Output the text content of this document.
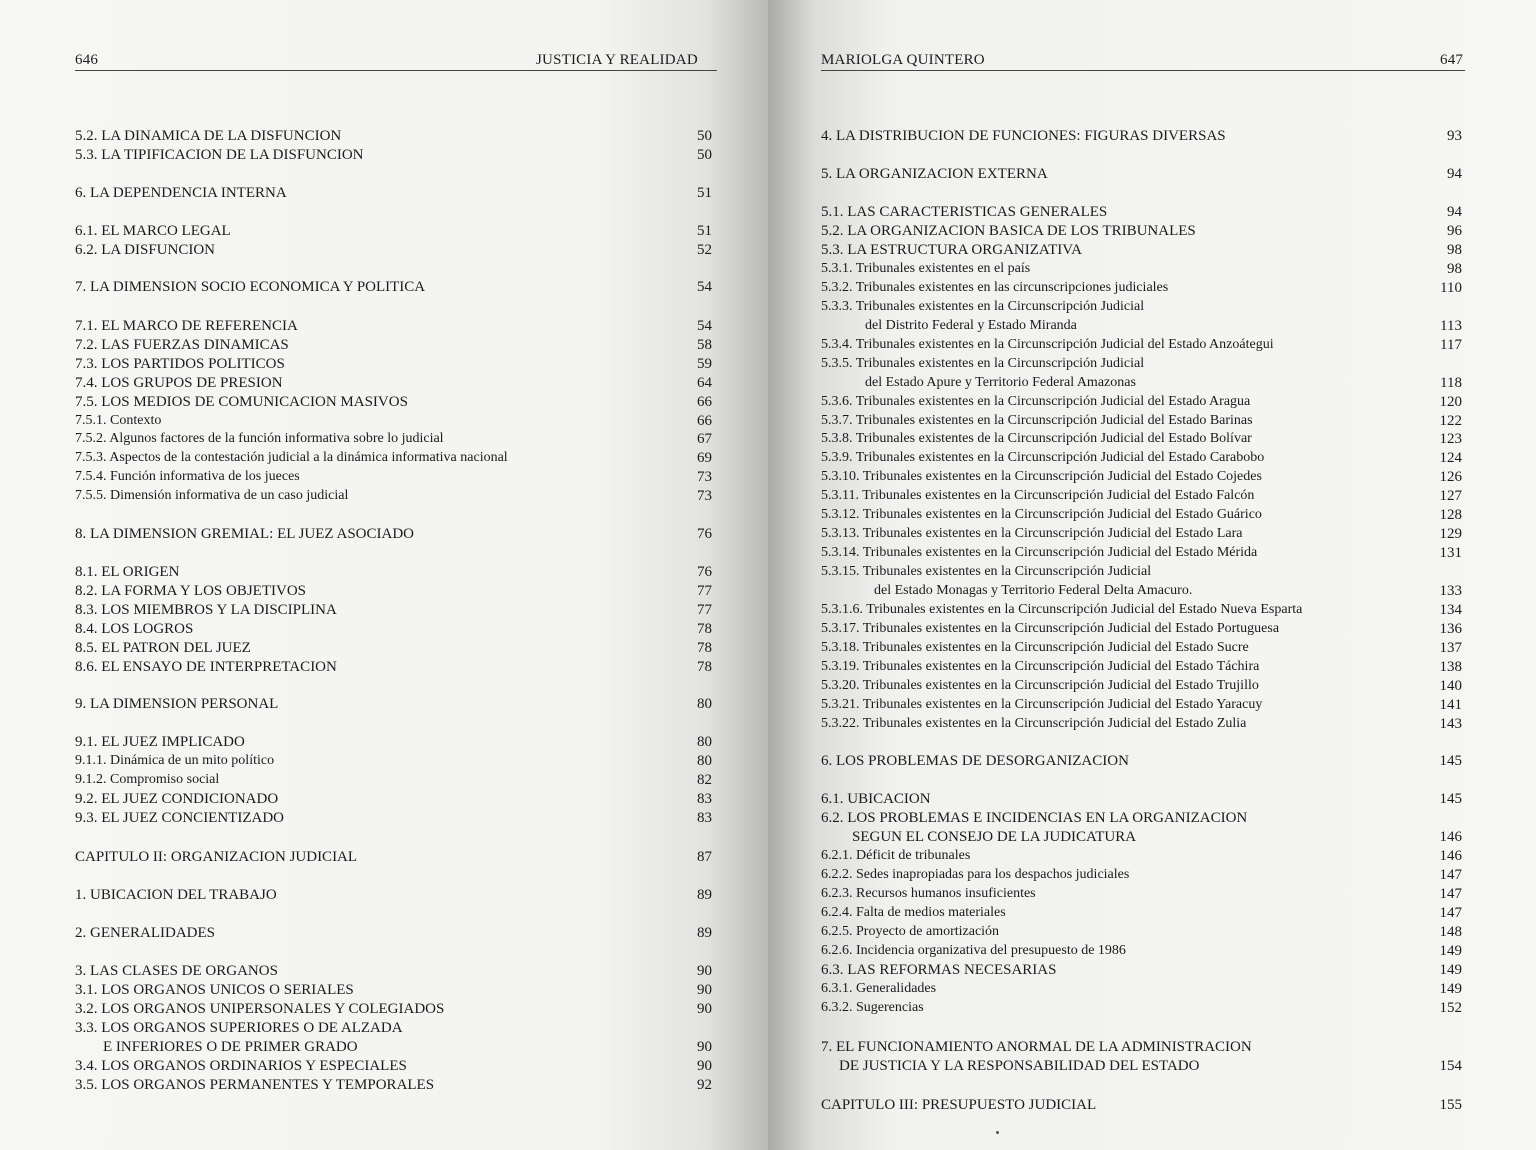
646	JUSTICIA Y REALIDAD
5.2. LA DINAMICA DE LA DISFUNCION	50
5.3. LA TIPIFICACION DE LA DISFUNCION	50
6. LA DEPENDENCIA INTERNA	51
6.1. EL MARCO LEGAL	51
6.2. LA DISFUNCION	52
7. LA DIMENSION SOCIO ECONOMICA Y POLITICA	54
7.1. EL MARCO DE REFERENCIA	54
7.2. LAS FUERZAS DINAMICAS	58
7.3. LOS PARTIDOS POLITICOS	59
7.4. LOS GRUPOS DE PRESION	64
7.5. LOS MEDIOS DE COMUNICACION MASIVOS	66
7.5.1. Contexto	66
7.5.2. Algunos factores de la función informativa sobre lo judicial	67
7.5.3. Aspectos de la contestación judicial a la dinámica informativa nacional	69
7.5.4. Función informativa de los jueces	73
7.5.5. Dimensión informativa de un caso judicial	73
8. LA DIMENSION GREMIAL: EL JUEZ ASOCIADO	76
8.1. EL ORIGEN	76
8.2. LA FORMA Y LOS OBJETIVOS	77
8.3. LOS MIEMBROS Y LA DISCIPLINA	77
8.4. LOS LOGROS	78
8.5. EL PATRON DEL JUEZ	78
8.6. EL ENSAYO DE INTERPRETACION	78
9. LA DIMENSION PERSONAL	80
9.1. EL JUEZ IMPLICADO	80
9.1.1. Dinámica de un mito político	80
9.1.2. Compromiso social	82
9.2. EL JUEZ CONDICIONADO	83
9.3. EL JUEZ CONCIENTIZADO	83
CAPITULO II: ORGANIZACION JUDICIAL	87
1. UBICACION DEL TRABAJO	89
2. GENERALIDADES	89
3. LAS CLASES DE ORGANOS	90
3.1. LOS ORGANOS UNICOS O SERIALES	90
3.2. LOS ORGANOS UNIPERSONALES Y COLEGIADOS	90
3.3. LOS ORGANOS SUPERIORES O DE ALZADA
E INFERIORES O DE PRIMER GRADO	90
3.4. LOS ORGANOS ORDINARIOS Y ESPECIALES	90
3.5. LOS ORGANOS PERMANENTES Y TEMPORALES	92
MARIOLGA QUINTERO	647
4. LA DISTRIBUCION DE FUNCIONES: FIGURAS DIVERSAS	93
5. LA ORGANIZACION EXTERNA	94
5.1. LAS CARACTERISTICAS GENERALES	94
5.2. LA ORGANIZACION BASICA DE LOS TRIBUNALES	96
5.3. LA ESTRUCTURA ORGANIZATIVA	98
5.3.1. Tribunales existentes en el país	98
5.3.2. Tribunales existentes en las circunscripciones judiciales	110
5.3.3. Tribunales existentes en la Circunscripción Judicial
del Distrito Federal y Estado Miranda	113
5.3.4. Tribunales existentes en la Circunscripción Judicial del Estado Anzoátegui	117
5.3.5. Tribunales existentes en la Circunscripción Judicial
del Estado Apure y Territorio Federal Amazonas	118
5.3.6. Tribunales existentes en la Circunscripción Judicial del Estado Aragua	120
5.3.7. Tribunales existentes en la Circunscripción Judicial del Estado Barinas	122
5.3.8. Tribunales existentes de la Circunscripción Judicial del Estado Bolívar	123
5.3.9. Tribunales existentes en la Circunscripción Judicial del Estado Carabobo	124
5.3.10. Tribunales existentes en la Circunscripción Judicial del Estado Cojedes	126
5.3.11. Tribunales existentes en la Circunscripción Judicial del Estado Falcón	127
5.3.12. Tribunales existentes en la Circunscripción Judicial del Estado Guárico	128
5.3.13. Tribunales existentes en la Circunscripción Judicial del Estado Lara	129
5.3.14. Tribunales existentes en la Circunscripción Judicial del Estado Mérida	131
5.3.15. Tribunales existentes en la Circunscripción Judicial
del Estado Monagas y Territorio Federal Delta Amacuro.	133
5.3.1.6. Tribunales existentes en la Circunscripción Judicial del Estado Nueva Esparta	134
5.3.17. Tribunales existentes en la Circunscripción Judicial del Estado Portuguesa	136
5.3.18. Tribunales existentes en la Circunscripción Judicial del Estado Sucre	137
5.3.19. Tribunales existentes en la Circunscripción Judicial del Estado Táchira	138
5.3.20. Tribunales existentes en la Circunscripción Judicial del Estado Trujillo	140
5.3.21. Tribunales existentes en la Circunscripción Judicial del Estado Yaracuy	141
5.3.22. Tribunales existentes en la Circunscripción Judicial del Estado Zulia	143
6. LOS PROBLEMAS DE DESORGANIZACION	145
6.1. UBICACION	145
6.2. LOS PROBLEMAS E INCIDENCIAS EN LA ORGANIZACION
SEGUN EL CONSEJO DE LA JUDICATURA	146
6.2.1. Déficit de tribunales	146
6.2.2. Sedes inapropiadas para los despachos judiciales	147
6.2.3. Recursos humanos insuficientes	147
6.2.4. Falta de medios materiales	147
6.2.5. Proyecto de amortización	148
6.2.6. Incidencia organizativa del presupuesto de 1986	149
6.3. LAS REFORMAS NECESARIAS	149
6.3.1. Generalidades	149
6.3.2. Sugerencias	152
7. EL FUNCIONAMIENTO ANORMAL DE LA ADMINISTRACION
DE JUSTICIA Y LA RESPONSABILIDAD DEL ESTADO	154
CAPITULO III: PRESUPUESTO JUDICIAL	155
